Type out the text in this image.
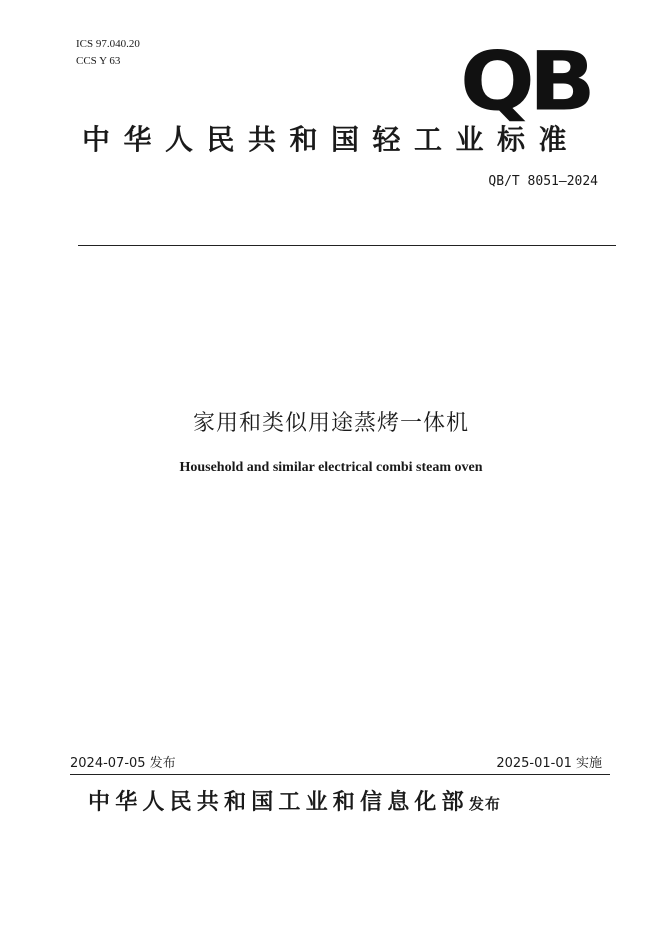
ICS 97.040.20
CCS Y 63	QB
中华人民共和国轻工业标准
QB/T 8051—2024
家用和类似用途蒸烤一体机
Household and similar electrical combi steam oven
2024-07-05 发布	2025-01-01 实施
中华人民共和国工业和信息化部发布
